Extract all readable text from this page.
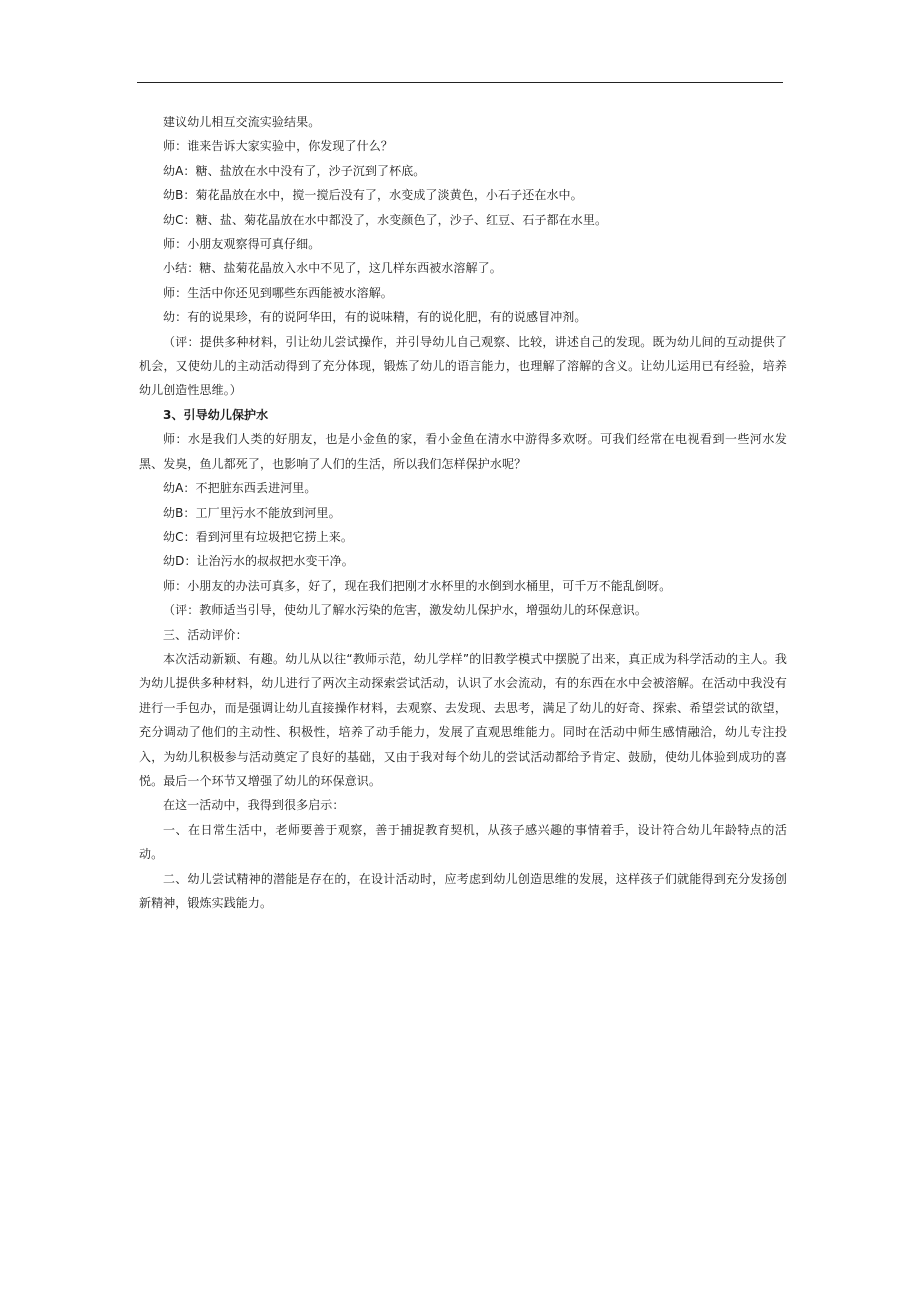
建议幼儿相互交流实验结果。

师：谁来告诉大家实验中，你发现了什么？

幼A：糖、盐放在水中没有了，沙子沉到了杯底。

幼B：菊花晶放在水中，搅一搅后没有了，水变成了淡黄色，小石子还在水中。

幼C：糖、盐、菊花晶放在水中都没了，水变颜色了，沙子、红豆、石子都在水里。

师：小朋友观察得可真仔细。

小结：糖、盐菊花晶放入水中不见了，这几样东西被水溶解了。

师：生活中你还见到哪些东西能被水溶解。

幼：有的说果珍，有的说阿华田，有的说味精，有的说化肥，有的说感冒冲剂。

（评：提供多种材料，引让幼儿尝试操作，并引导幼儿自己观察、比较，讲述自己的发现。既为幼儿间的互动提供了机会，又使幼儿的主动活动得到了充分体现，锻炼了幼儿的语言能力，也理解了溶解的含义。让幼儿运用已有经验，培养幼儿创造性思维。）

3、引导幼儿保护水

师：水是我们人类的好朋友，也是小金鱼的家，看小金鱼在清水中游得多欢呀。可我们经常在电视看到一些河水发黑、发臭，鱼儿都死了，也影响了人们的生活，所以我们怎样保护水呢？

幼A：不把脏东西丢进河里。

幼B：工厂里污水不能放到河里。

幼C：看到河里有垃圾把它捞上来。

幼D：让治污水的叔叔把水变干净。

师：小朋友的办法可真多，好了，现在我们把刚才水杯里的水倒到水桶里，可千万不能乱倒呀。

（评：教师适当引导，使幼儿了解水污染的危害，激发幼儿保护水，增强幼儿的环保意识。

三、活动评价：

本次活动新颖、有趣。幼儿从以往“教师示范，幼儿学样”的旧教学模式中摆脱了出来，真正成为科学活动的主人。我为幼儿提供多种材料，幼儿进行了两次主动探索尝试活动，认识了水会流动，有的东西在水中会被溶解。在活动中我没有进行一手包办，而是强调让幼儿直接操作材料，去观察、去发现、去思考，满足了幼儿的好奇、探索、希望尝试的欲望，充分调动了他们的主动性、积极性，培养了动手能力，发展了直观思维能力。同时在活动中师生感情融洽，幼儿专注投入，为幼儿积极参与活动奠定了良好的基础，又由于我对每个幼儿的尝试活动都给予肯定、鼓励，使幼儿体验到成功的喜悦。最后一个环节又增强了幼儿的环保意识。

在这一活动中，我得到很多启示：

一、在日常生活中，老师要善于观察，善于捕捉教育契机，从孩子感兴趣的事情着手，设计符合幼儿年龄特点的活动。

二、幼儿尝试精神的潜能是存在的，在设计活动时，应考虑到幼儿创造思维的发展，这样孩子们就能得到充分发扬创新精神，锻炼实践能力。
